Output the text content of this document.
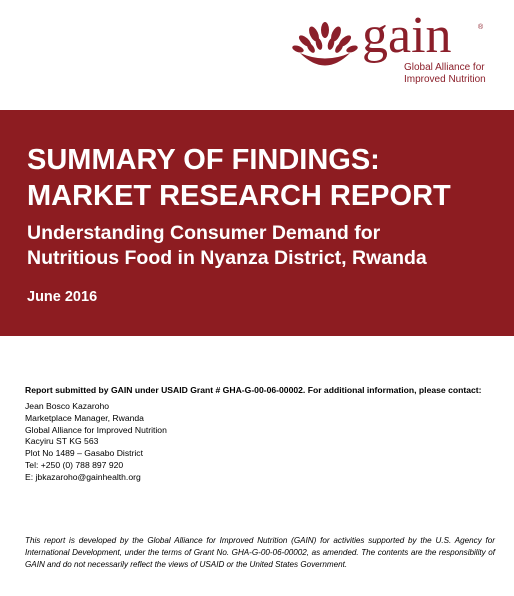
gain	®
Global Alliance for
Improved Nutrition
SUMMARY OF FINDINGS:
MARKET RESEARCH REPORT
Understanding Consumer Demand for
Nutritious Food in Nyanza District, Rwanda
June 2016
Report submitted by GAIN under USAID Grant # GHA-G-00-06-00002. For additional information, please contact:
Jean Bosco Kazaroho
Marketplace Manager, Rwanda
Global Alliance for Improved Nutrition
Kacyiru ST KG 563
Plot No 1489 – Gasabo District
Tel: +250 (0) 788 897 920
E: jbkazaroho@gainhealth.org
This report is developed by the Global Alliance for Improved Nutrition (GAIN) for activities supported by the U.S. Agency for International Development, under the terms of Grant No. GHA-G-00-06-00002, as amended. The contents are the responsibility of GAIN and do not necessarily reflect the views of USAID or the United States Government.
